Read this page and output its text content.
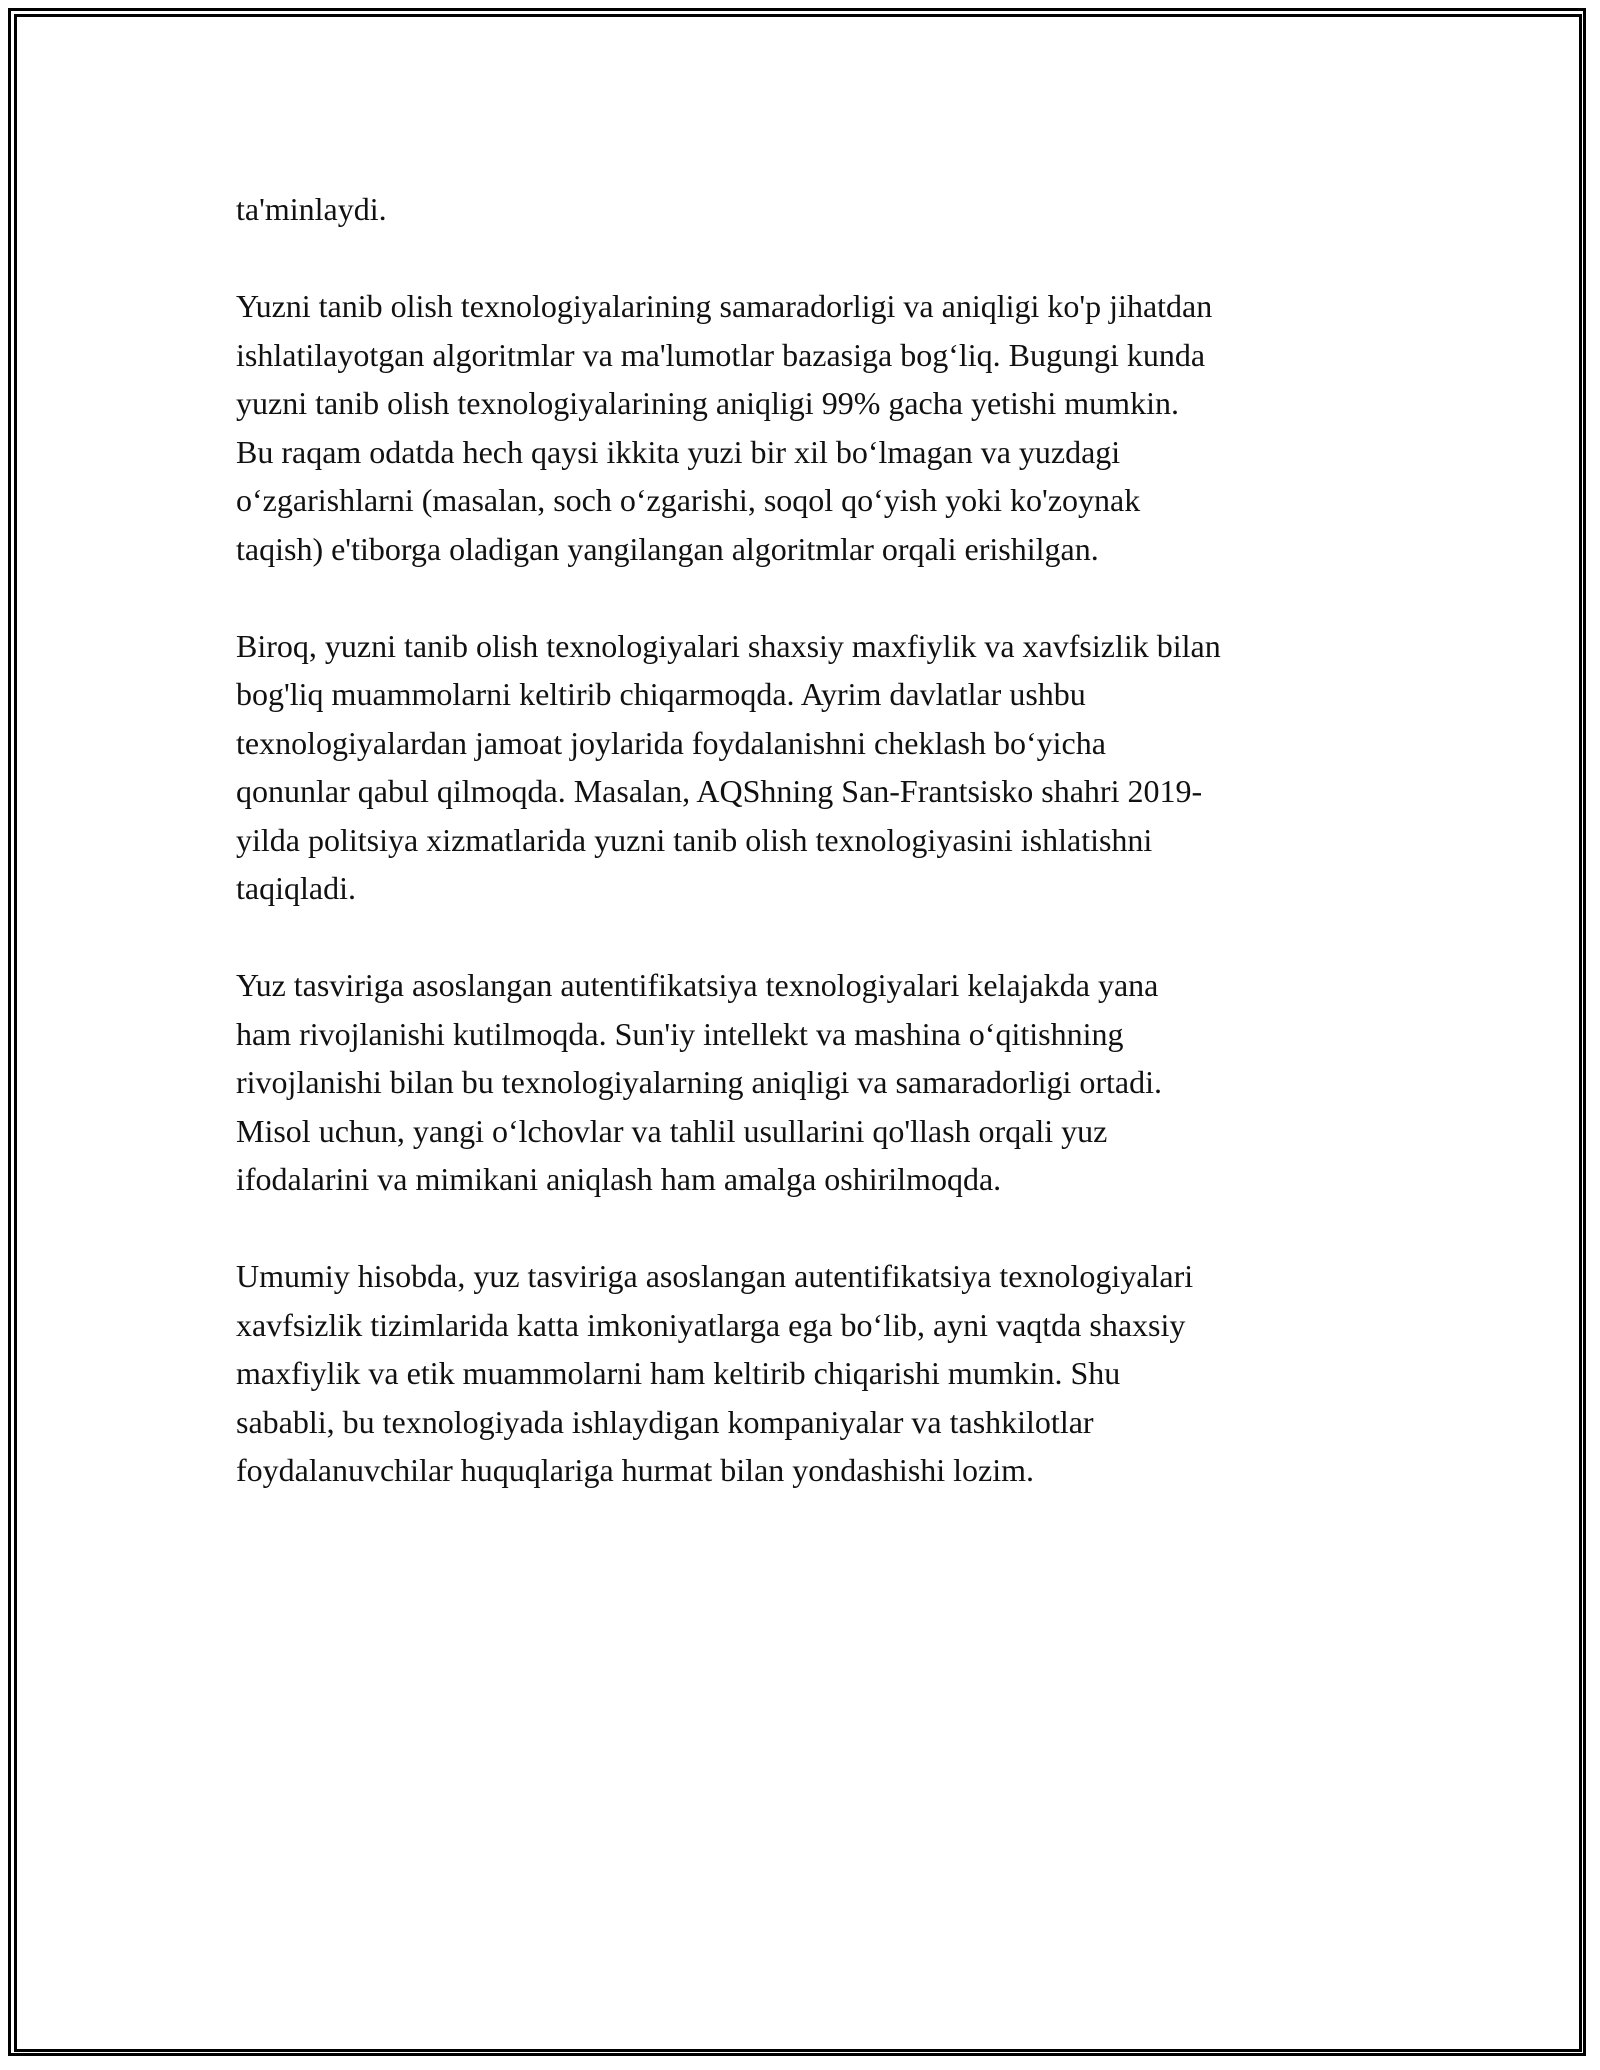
ta'minlaydi.

Yuzni tanib olish texnologiyalarining samaradorligi va aniqligi ko'p jihatdan
ishlatilayotgan algoritmlar va ma'lumotlar bazasiga bog‘liq. Bugungi kunda
yuzni tanib olish texnologiyalarining aniqligi 99% gacha yetishi mumkin.
Bu raqam odatda hech qaysi ikkita yuzi bir xil bo‘lmagan va yuzdagi
o‘zgarishlarni (masalan, soch o‘zgarishi, soqol qo‘yish yoki ko'zoynak
taqish) e'tiborga oladigan yangilangan algoritmlar orqali erishilgan.

Biroq, yuzni tanib olish texnologiyalari shaxsiy maxfiylik va xavfsizlik bilan
bog'liq muammolarni keltirib chiqarmoqda. Ayrim davlatlar ushbu
texnologiyalardan jamoat joylarida foydalanishni cheklash bo‘yicha
qonunlar qabul qilmoqda. Masalan, AQShning San-Frantsisko shahri 2019-
yilda politsiya xizmatlarida yuzni tanib olish texnologiyasini ishlatishni
taqiqladi.

Yuz tasviriga asoslangan autentifikatsiya texnologiyalari kelajakda yana
ham rivojlanishi kutilmoqda. Sun'iy intellekt va mashina o‘qitishning
rivojlanishi bilan bu texnologiyalarning aniqligi va samaradorligi ortadi.
Misol uchun, yangi o‘lchovlar va tahlil usullarini qo'llash orqali yuz
ifodalarini va mimikani aniqlash ham amalga oshirilmoqda.

Umumiy hisobda, yuz tasviriga asoslangan autentifikatsiya texnologiyalari
xavfsizlik tizimlarida katta imkoniyatlarga ega bo‘lib, ayni vaqtda shaxsiy
maxfiylik va etik muammolarni ham keltirib chiqarishi mumkin. Shu
sababli, bu texnologiyada ishlaydigan kompaniyalar va tashkilotlar
foydalanuvchilar huquqlariga hurmat bilan yondashishi lozim.
